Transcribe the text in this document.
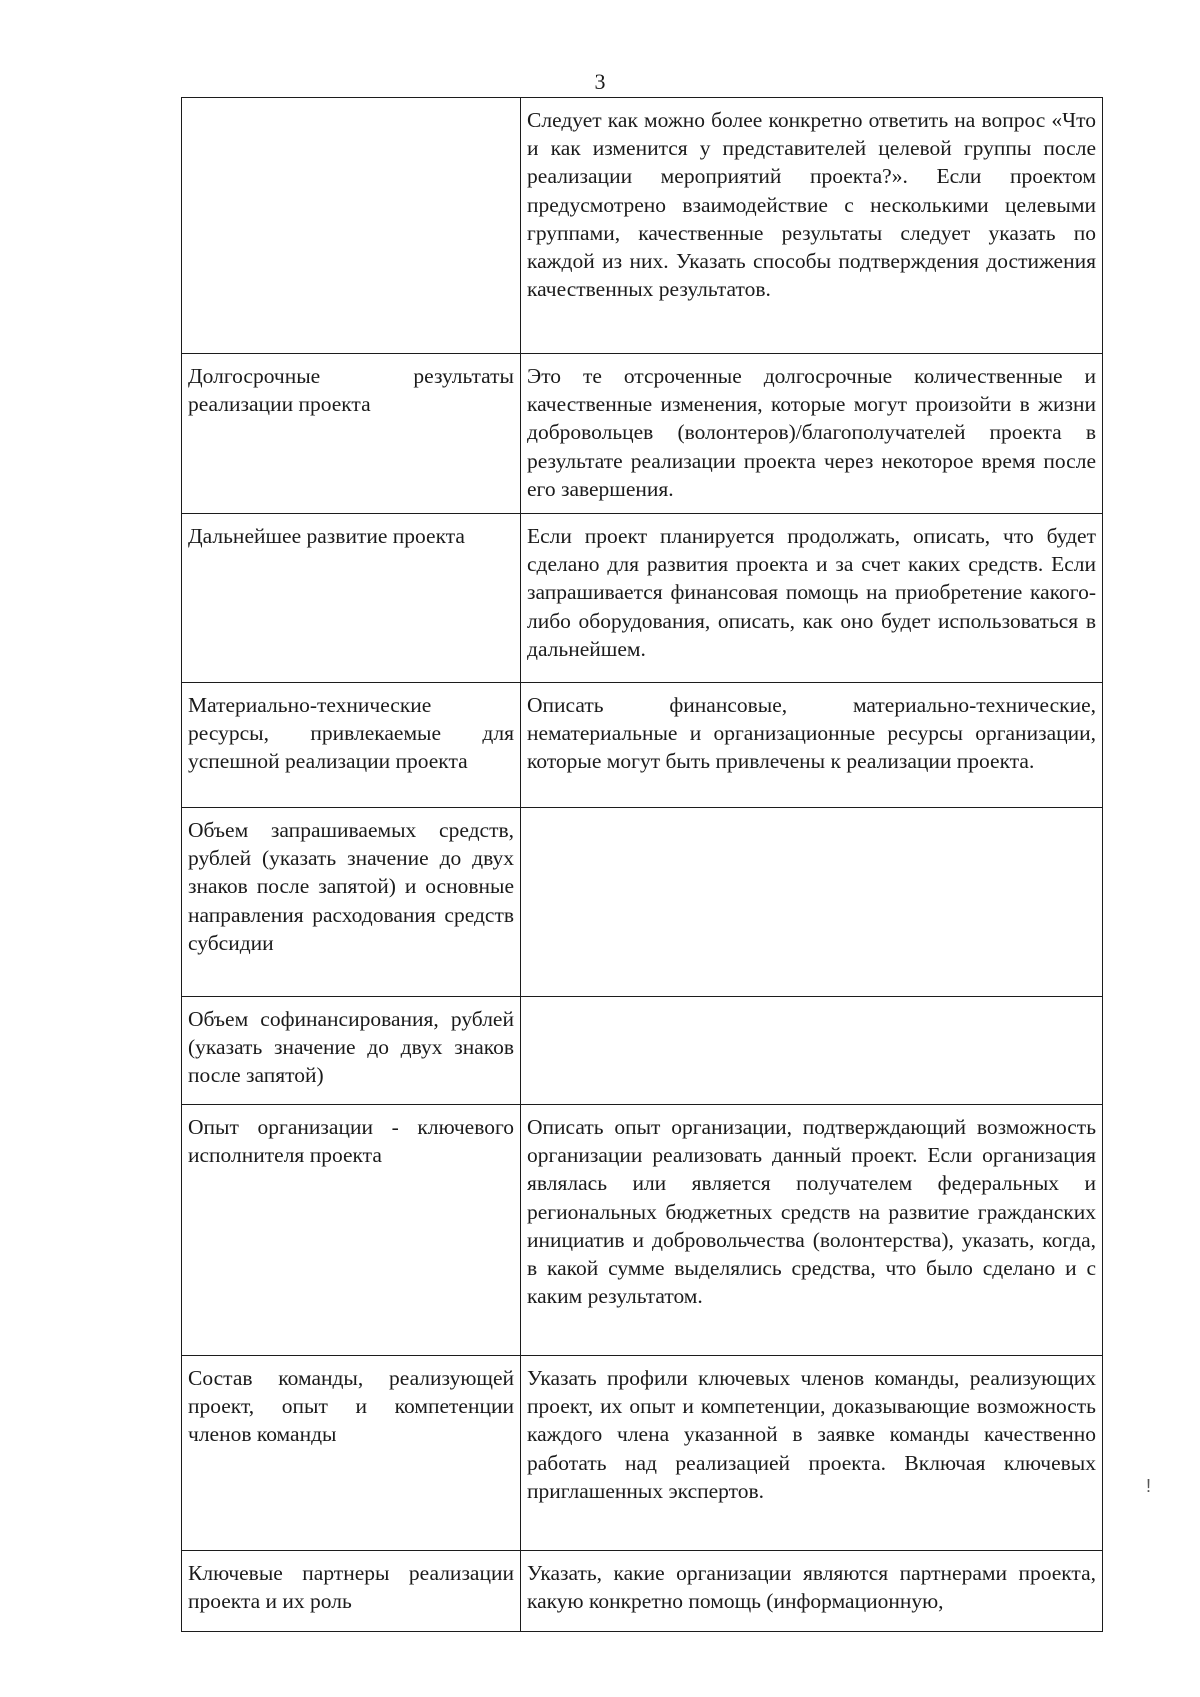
3

	Следует как можно более конкретно ответить на вопрос «Что и как изменится у представителей целевой группы после реализации мероприятий проекта?». Если проектом предусмотрено взаимодействие с несколькими целевыми группами, качественные результаты следует указать по каждой из них. Указать способы подтверждения достижения качественных результатов.

Долгосрочные результаты реализации проекта	Это те отсроченные долгосрочные количественные и качественные изменения, которые могут произойти в жизни добровольцев (волонтеров)/благополучателей проекта в результате реализации проекта через некоторое время после его завершения.

Дальнейшее развитие проекта	Если проект планируется продолжать, описать, что будет сделано для развития проекта и за счет каких средств. Если запрашивается финансовая помощь на приобретение какого-либо оборудования, описать, как оно будет использоваться в дальнейшем.

Материально-технические ресурсы, привлекаемые для успешной реализации проекта	Описать финансовые, материально-технические, нематериальные и организационные ресурсы организации, которые могут быть привлечены к реализации проекта.

Объем запрашиваемых средств, рублей (указать значение до двух знаков после запятой) и основные направления расходования средств субсидии	

Объем софинансирования, рублей (указать значение до двух знаков после запятой)	

Опыт организации - ключевого исполнителя проекта	Описать опыт организации, подтверждающий возможность организации реализовать данный проект. Если организация являлась или является получателем федеральных и региональных бюджетных средств на развитие гражданских инициатив и добровольчества (волонтерства), указать, когда, в какой сумме выделялись средства, что было сделано и с каким результатом.

Состав команды, реализующей проект, опыт и компетенции членов команды	Указать профили ключевых членов команды, реализующих проект, их опыт и компетенции, доказывающие возможность каждого члена указанной в заявке команды качественно работать над реализацией проекта. Включая ключевых приглашенных экспертов.

Ключевые партнеры реализации проекта и их роль	Указать, какие организации являются партнерами проекта, какую конкретно помощь (информационную,
!
